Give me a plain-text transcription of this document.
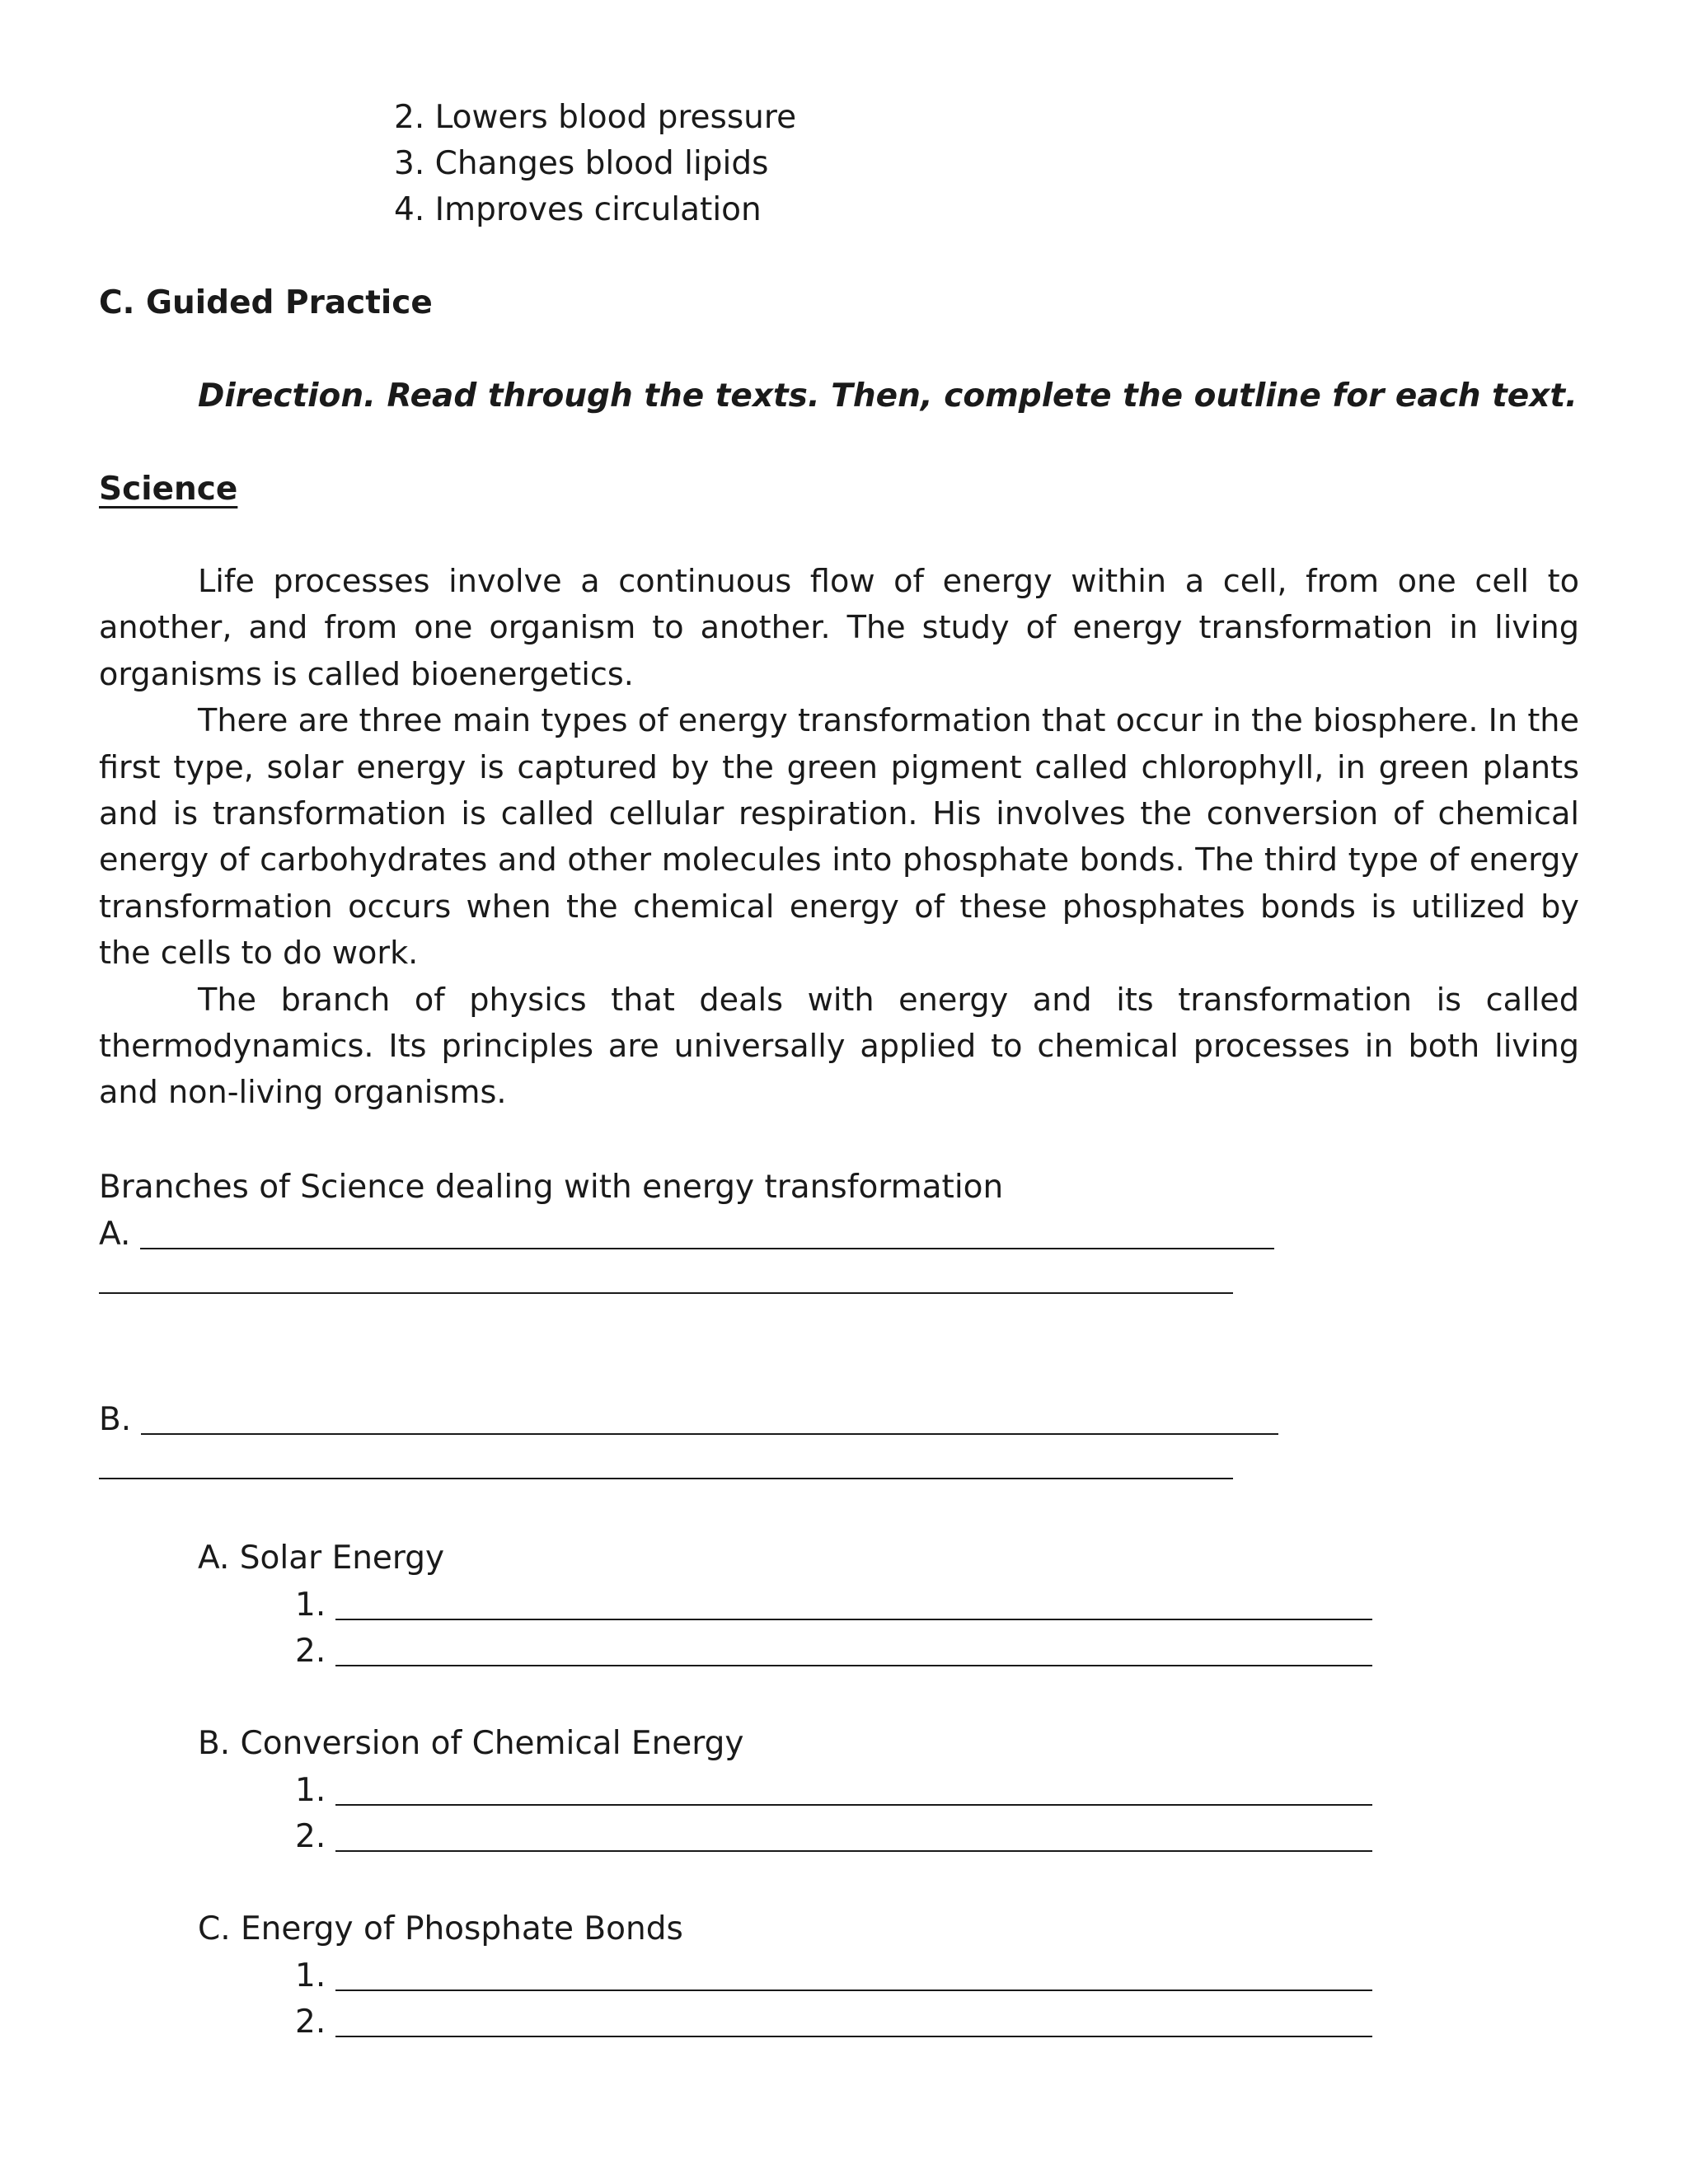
2. Lowers blood pressure
3. Changes blood lipids
4. Improves circulation
C. Guided Practice
Direction. Read through the texts. Then, complete the outline for each text.
Science

Life processes involve a continuous flow of energy within a cell, from one cell to another, and from one organism to another. The study of energy transformation in living organisms is called bioenergetics.

There are three main types of energy transformation that occur in the biosphere. In the first type, solar energy is captured by the green pigment called chlorophyll, in green plants and is transformation is called cellular respiration. His involves the conversion of chemical energy of carbohydrates and other molecules into phosphate bonds. The third type of energy transformation occurs when the chemical energy of these phosphates bonds is utilized by the cells to do work.

The branch of physics that deals with energy and its transformation is called thermodynamics. Its principles are universally applied to chemical processes in both living and non-living organisms.

Branches of Science dealing with energy transformation
A.
B.
A. Solar Energy
1.
2.
B. Conversion of Chemical Energy
1.
2.
C. Energy of Phosphate Bonds
1.
2.
